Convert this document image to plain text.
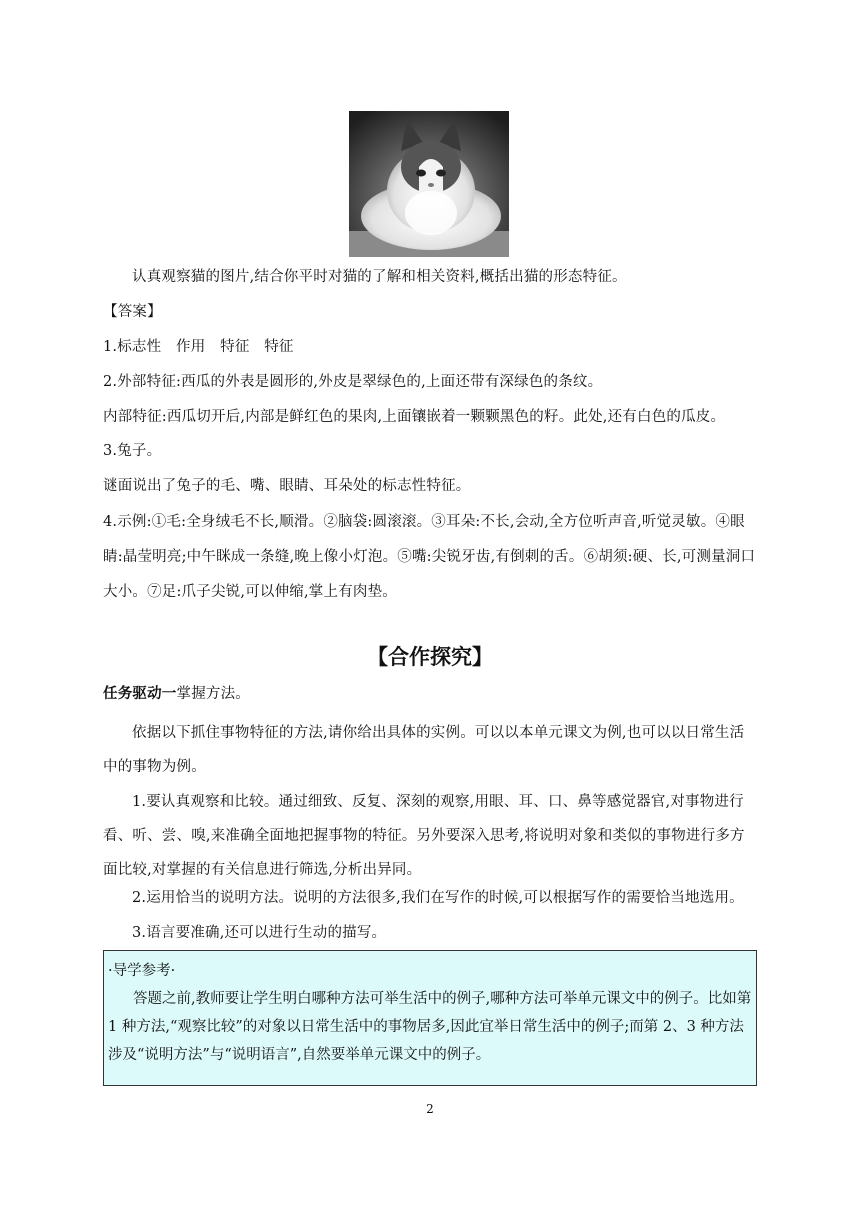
认真观察猫的图片,结合你平时对猫的了解和相关资料,概括出猫的形态特征。
【答案】
1.标志性　作用　特征　特征
2.外部特征:西瓜的外表是圆形的,外皮是翠绿色的,上面还带有深绿色的条纹。
内部特征:西瓜切开后,内部是鲜红色的果肉,上面镶嵌着一颗颗黑色的籽。此处,还有白色的瓜皮。
3.兔子。
谜面说出了兔子的毛、嘴、眼睛、耳朵处的标志性特征。
4.示例:①毛:全身绒毛不长,顺滑。②脑袋:圆滚滚。③耳朵:不长,会动,全方位听声音,听觉灵敏。④眼睛:晶莹明亮;中午眯成一条缝,晚上像小灯泡。⑤嘴:尖锐牙齿,有倒刺的舌。⑥胡须:硬、长,可测量洞口大小。⑦足:爪子尖锐,可以伸缩,掌上有肉垫。
【合作探究】
任务驱动一掌握方法。
依据以下抓住事物特征的方法,请你给出具体的实例。可以以本单元课文为例,也可以以日常生活中的事物为例。
1.要认真观察和比较。通过细致、反复、深刻的观察,用眼、耳、口、鼻等感觉器官,对事物进行看、听、尝、嗅,来准确全面地把握事物的特征。另外要深入思考,将说明对象和类似的事物进行多方面比较,对掌握的有关信息进行筛选,分析出异同。
2.运用恰当的说明方法。说明的方法很多,我们在写作的时候,可以根据写作的需要恰当地选用。
3.语言要准确,还可以进行生动的描写。
·导学参考·
答题之前,教师要让学生明白哪种方法可举生活中的例子,哪种方法可举单元课文中的例子。比如第 1 种方法,“观察比较”的对象以日常生活中的事物居多,因此宜举日常生活中的例子;而第 2、3 种方法涉及“说明方法”与“说明语言”,自然要举单元课文中的例子。
2
